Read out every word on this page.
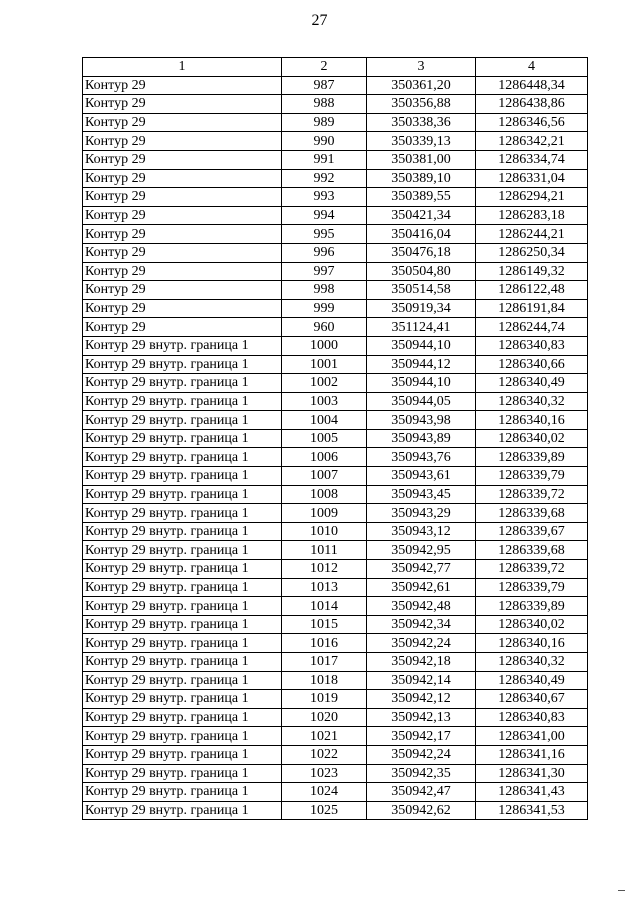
27
1	2	3	4
Контур 29	987	350361,20	1286448,34
Контур 29	988	350356,88	1286438,86
Контур 29	989	350338,36	1286346,56
Контур 29	990	350339,13	1286342,21
Контур 29	991	350381,00	1286334,74
Контур 29	992	350389,10	1286331,04
Контур 29	993	350389,55	1286294,21
Контур 29	994	350421,34	1286283,18
Контур 29	995	350416,04	1286244,21
Контур 29	996	350476,18	1286250,34
Контур 29	997	350504,80	1286149,32
Контур 29	998	350514,58	1286122,48
Контур 29	999	350919,34	1286191,84
Контур 29	960	351124,41	1286244,74
Контур 29 внутр. граница 1	1000	350944,10	1286340,83
Контур 29 внутр. граница 1	1001	350944,12	1286340,66
Контур 29 внутр. граница 1	1002	350944,10	1286340,49
Контур 29 внутр. граница 1	1003	350944,05	1286340,32
Контур 29 внутр. граница 1	1004	350943,98	1286340,16
Контур 29 внутр. граница 1	1005	350943,89	1286340,02
Контур 29 внутр. граница 1	1006	350943,76	1286339,89
Контур 29 внутр. граница 1	1007	350943,61	1286339,79
Контур 29 внутр. граница 1	1008	350943,45	1286339,72
Контур 29 внутр. граница 1	1009	350943,29	1286339,68
Контур 29 внутр. граница 1	1010	350943,12	1286339,67
Контур 29 внутр. граница 1	1011	350942,95	1286339,68
Контур 29 внутр. граница 1	1012	350942,77	1286339,72
Контур 29 внутр. граница 1	1013	350942,61	1286339,79
Контур 29 внутр. граница 1	1014	350942,48	1286339,89
Контур 29 внутр. граница 1	1015	350942,34	1286340,02
Контур 29 внутр. граница 1	1016	350942,24	1286340,16
Контур 29 внутр. граница 1	1017	350942,18	1286340,32
Контур 29 внутр. граница 1	1018	350942,14	1286340,49
Контур 29 внутр. граница 1	1019	350942,12	1286340,67
Контур 29 внутр. граница 1	1020	350942,13	1286340,83
Контур 29 внутр. граница 1	1021	350942,17	1286341,00
Контур 29 внутр. граница 1	1022	350942,24	1286341,16
Контур 29 внутр. граница 1	1023	350942,35	1286341,30
Контур 29 внутр. граница 1	1024	350942,47	1286341,43
Контур 29 внутр. граница 1	1025	350942,62	1286341,53
